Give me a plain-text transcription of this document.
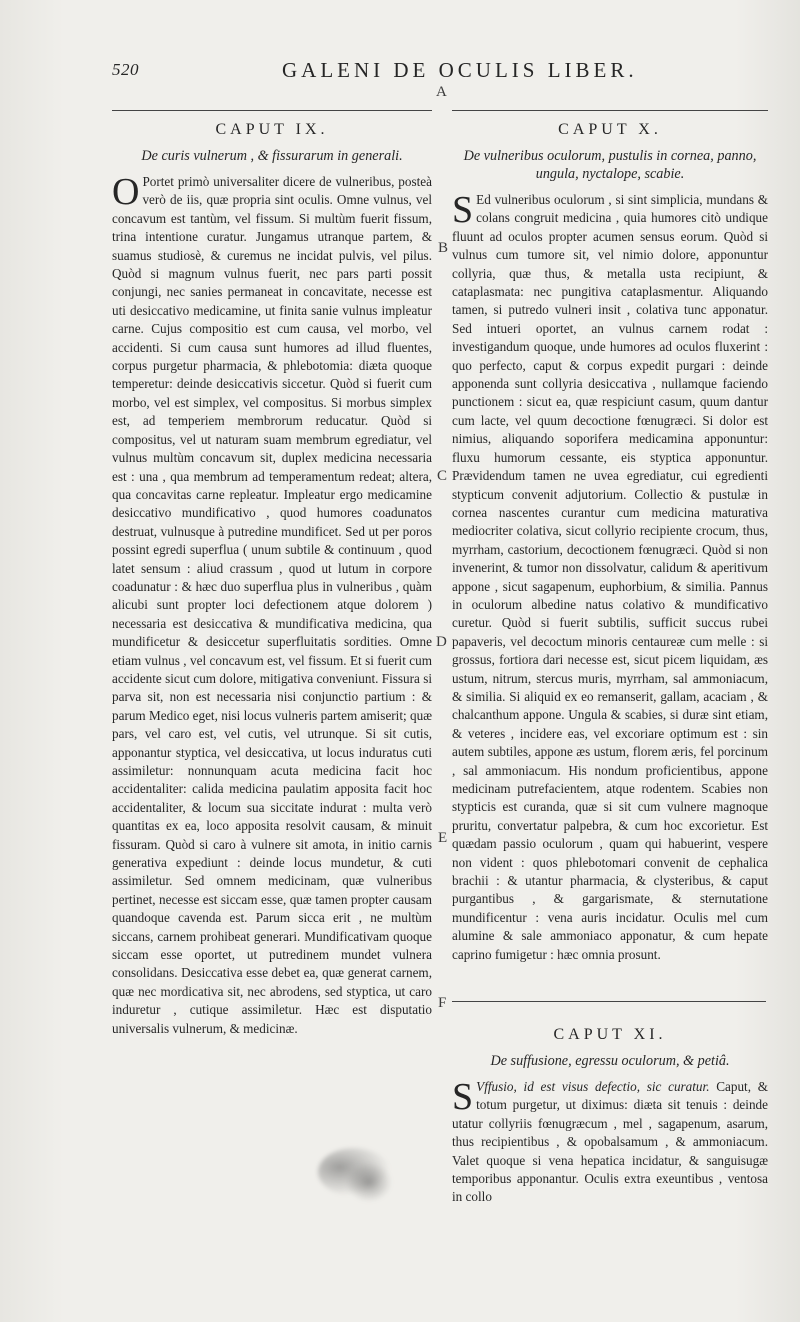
520	GALENI DE OCULIS LIBER.
A
B
C
D
E
F
CAPUT IX.
De curis vulnerum , & fissurarum in generali.

O Portet primò universaliter dicere de vulneribus, posteà verò de iis, quæ propria sint oculis. Omne vulnus, vel concavum est tantùm, vel fissum. Si multùm fuerit fissum, trina intentione curatur. Jungamus utranque partem, & suamus studiosè, & curemus ne incidat pulvis, vel pilus. Quòd si magnum vulnus fuerit, nec pars parti possit conjungi, nec sanies permaneat in concavitate, necesse est uti desiccativo medicamine, ut finita sanie vulnus impleatur carne. Cujus compositio est cum causa, vel morbo, vel accidenti. Si cum causa sunt humores ad illud fluentes, corpus purgetur pharmacia, & phlebotomia: diæta quoque temperetur: deinde desiccativis siccetur. Quòd si fuerit cum morbo, vel est simplex, vel compositus. Si morbus simplex est, ad temperiem membrorum reducatur. Quòd si compositus, vel ut naturam suam membrum egrediatur, vel vulnus multùm concavum sit, duplex medicina necessaria est : una , qua membrum ad temperamentum redeat; altera, qua concavitas carne repleatur. Impleatur ergo medicamine desiccativo mundificativo , quod humores coadunatos destruat, vulnusque à putredine mundificet. Sed ut per poros possint egredi superflua ( unum subtile & continuum , quod latet sensum : aliud crassum , quod ut lutum in corpore coadunatur : & hæc duo superflua plus in vulneribus , quàm alicubi sunt propter loci defectionem atque dolorem ) necessaria est desiccativa & mundificativa medicina, qua mundificetur & desiccetur superfluitatis sordities. Omne etiam vulnus , vel concavum est, vel fissum. Et si fuerit cum accidente sicut cum dolore, mitigativa conveniunt. Fissura si parva sit, non est necessaria nisi conjunctio partium : & parum Medico eget, nisi locus vulneris partem amiserit; quæ pars, vel caro est, vel cutis, vel utrunque. Si sit cutis, apponantur styptica, vel desiccativa, ut locus induratus cuti assimiletur: nonnunquam acuta medicina facit hoc accidentaliter: calida medicina paulatim apposita facit hoc accidentaliter, & locum sua siccitate indurat : multa verò quantitas ex ea, loco apposita resolvit causam, & minuit fissuram. Quòd si caro à vulnere sit amota, in initio carnis generativa expediunt : deinde locus mundetur, & cuti assimiletur. Sed omnem medicinam, quæ vulneribus pertinet, necesse est siccam esse, quæ tamen propter causam quandoque cavenda est. Parum sicca erit , ne multùm siccans, carnem prohibeat generari. Mundificativam quoque siccam esse oportet, ut putredinem mundet vulnera consolidans. Desiccativa esse debet ea, quæ generat carnem, quæ nec mordicativa sit, nec abrodens, sed styptica, ut caro induretur , cutique assimiletur. Hæc est disputatio universalis vulnerum, & medicinæ.

CAPUT X.
De vulneribus oculorum, pustulis in cornea, panno, ungula, nyctalope, scabie.

S Ed vulneribus oculorum , si sint simplicia, mundans & colans congruit medicina , quia humores citò undique fluunt ad oculos propter acumen sensus eorum. Quòd si vulnus cum tumore sit, vel nimio dolore, apponuntur collyria, quæ thus, & metalla usta recipiunt, & cataplasmata: nec pungitiva cataplasmentur. Aliquando tamen, si putredo vulneri insit , colativa tunc apponatur. Sed intueri oportet, an vulnus carnem rodat : investigandum quoque, unde humores ad oculos fluxerint : quo perfecto, caput & corpus expedit purgari : deinde apponenda sunt collyria desiccativa , nullamque faciendo punctionem : sicut ea, quæ respiciunt casum, quum dantur cum lacte, vel quum decoctione fœnugræci. Si dolor est nimius, aliquando soporifera medicamina apponuntur: fluxu humorum cessante, eis styptica apponuntur. Prævidendum tamen ne uvea egrediatur, cui egredienti stypticum convenit adjutorium. Collectio & pustulæ in cornea nascentes curantur cum medicina maturativa mediocriter colativa, sicut collyrio recipiente crocum, thus, myrrham, castorium, decoctionem fœnugræci. Quòd si non invenerint, & tumor non dissolvatur, calidum & aperitivum appone , sicut sagapenum, euphorbium, & similia. Pannus in oculorum albedine natus colativo & mundificativo curetur. Quòd si fuerit subtilis, sufficit succus rubei papaveris, vel decoctum minoris centaureæ cum melle : si grossus, fortiora dari necesse est, sicut picem liquidam, æs ustum, nitrum, stercus muris, myrrham, sal ammoniacum, & similia. Si aliquid ex eo remanserit, gallam, acaciam , & chalcanthum appone. Ungula & scabies, si duræ sint etiam, & veteres , incidere eas, vel excoriare optimum est : sin autem subtiles, appone æs ustum, florem æris, fel porcinum , sal ammoniacum. His nondum proficientibus, appone medicinam putrefacientem, atque rodentem. Scabies non stypticis est curanda, quæ si sit cum vulnere magnoque pruritu, convertatur palpebra, & cum hoc excorietur. Est quædam passio oculorum , quam qui habuerint, vespere non vident : quos phlebotomari convenit de cephalica brachii : & utantur pharmacia, & clysteribus, & caput purgantibus , & gargarismate, & sternutatione mundificentur : vena auris incidatur. Oculis mel cum alumine & sale ammoniaco apponatur, & cum hepate caprino fumigetur : hæc omnia prosunt.

CAPUT XI.
De suffusione, egressu oculorum, & petiâ.

S Vffusio, id est visus defectio, sic curatur. Caput, & totum purgetur, ut diximus: diæta sit tenuis : deinde utatur collyriis fœnugræcum , mel , sagapenum, asarum, thus recipientibus , & opobalsamum , & ammoniacum. Valet quoque si vena hepatica incidatur, & sanguisugæ temporibus apponantur. Oculis extra exeuntibus , ventosa in collo
